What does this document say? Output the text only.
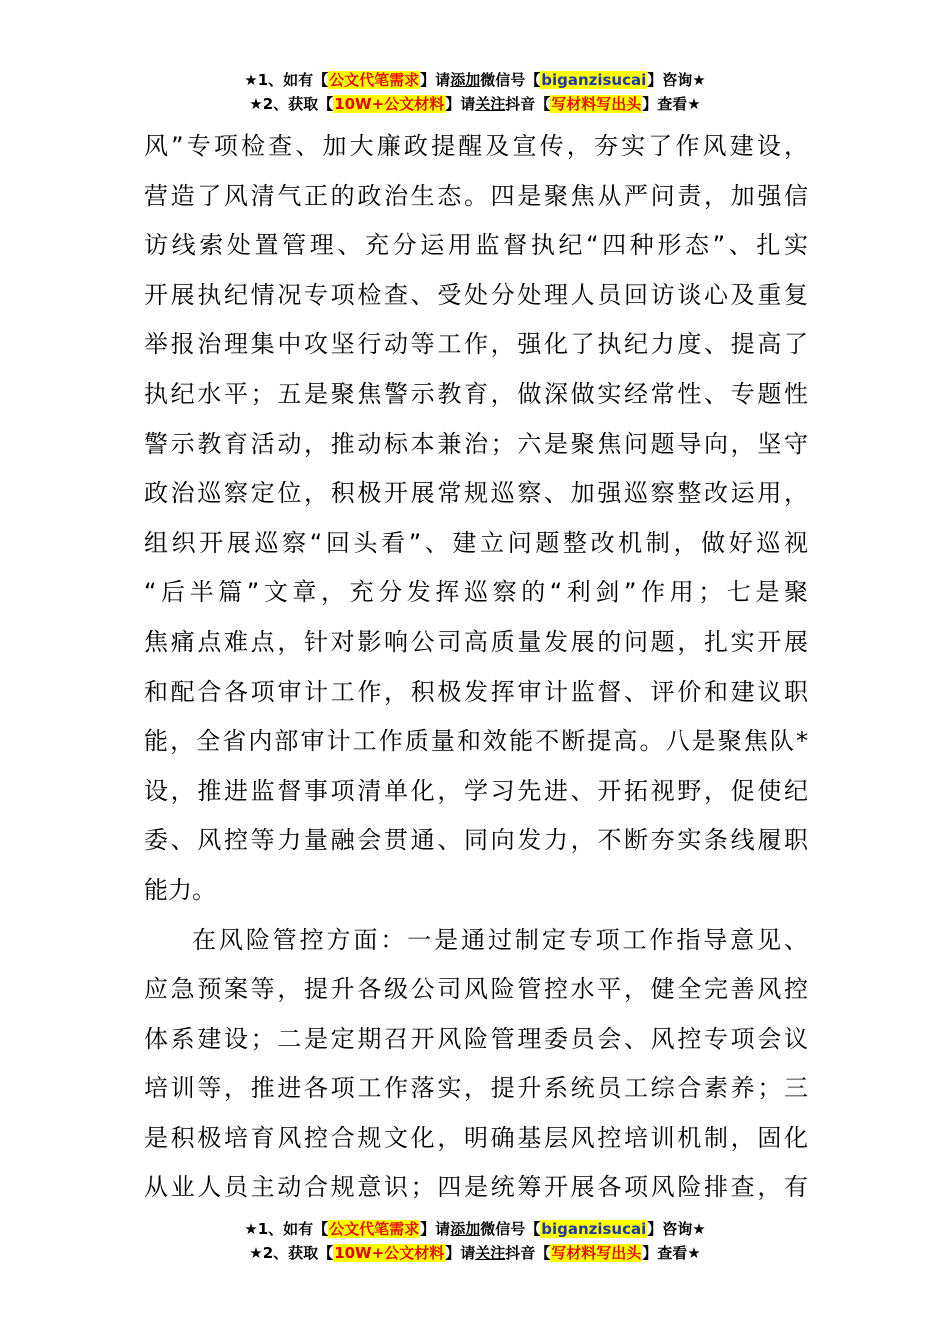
★1、如有【公文代笔需求】请添加微信号【biganzisucai】咨询★
★2、获取【10W+公文材料】请关注抖音【写材料写出头】查看★
风”专项检查、加大廉政提醒及宣传，夯实了作风建设，
营造了风清气正的政治生态。四是聚焦从严问责，加强信
访线索处置管理、充分运用监督执纪“四种形态”、扎实
开展执纪情况专项检查、受处分处理人员回访谈心及重复
举报治理集中攻坚行动等工作，强化了执纪力度、提高了
执纪水平；五是聚焦警示教育，做深做实经常性、专题性
警示教育活动，推动标本兼治；六是聚焦问题导向，坚守
政治巡察定位，积极开展常规巡察、加强巡察整改运用，
组织开展巡察“回头看”、建立问题整改机制，做好巡视
“后半篇”文章，充分发挥巡察的“利剑”作用；七是聚
焦痛点难点，针对影响公司高质量发展的问题，扎实开展
和配合各项审计工作，积极发挥审计监督、评价和建议职
能，全省内部审计工作质量和效能不断提高。八是聚焦队*
设，推进监督事项清单化，学习先进、开拓视野，促使纪
委、风控等力量融会贯通、同向发力，不断夯实条线履职
能力。
在风险管控方面：一是通过制定专项工作指导意见、
应急预案等，提升各级公司风险管控水平，健全完善风控
体系建设；二是定期召开风险管理委员会、风控专项会议
培训等，推进各项工作落实，提升系统员工综合素养；三
是积极培育风控合规文化，明确基层风控培训机制，固化
从业人员主动合规意识；四是统筹开展各项风险排查，有
★1、如有【公文代笔需求】请添加微信号【biganzisucai】咨询★
★2、获取【10W+公文材料】请关注抖音【写材料写出头】查看★
